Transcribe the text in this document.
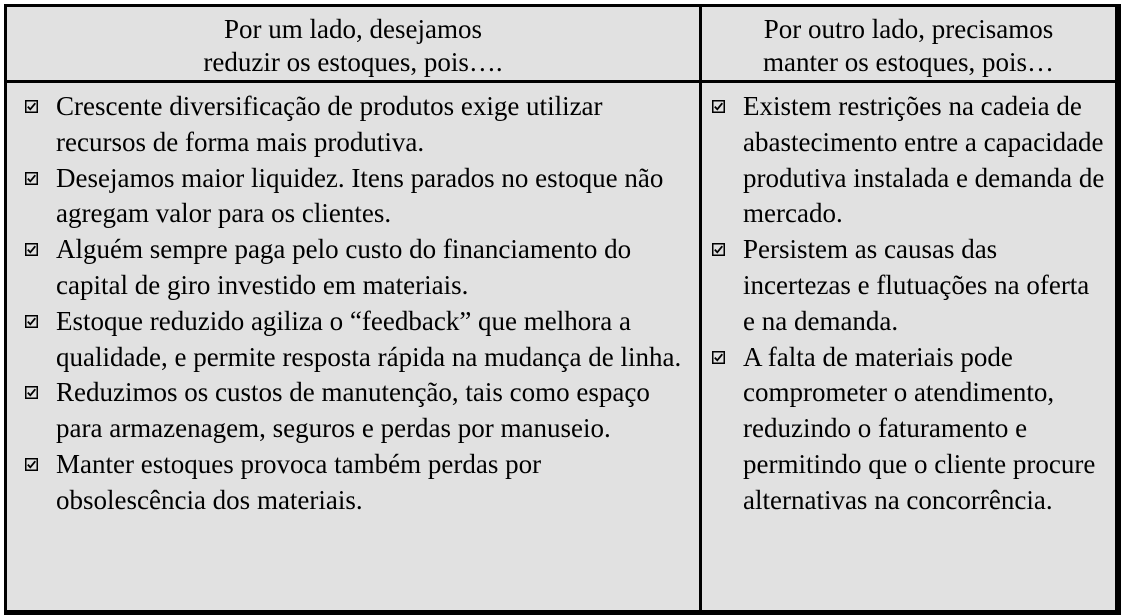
Por um lado, desejamos
reduzir os estoques, pois….
Por outro lado, precisamos
manter os estoques, pois…
Crescente diversificação de produtos exige utilizar recursos de forma mais produtiva.
Desejamos maior liquidez. Itens parados no estoque não agregam valor para os clientes.
Alguém sempre paga pelo custo do financiamento do capital de giro investido em materiais.
Estoque reduzido agiliza o “feedback” que melhora a qualidade, e permite resposta rápida na mudança de linha.
Reduzimos os custos de manutenção, tais como espaço para armazenagem, seguros e perdas por manuseio.
Manter estoques provoca também perdas por obsolescência dos materiais.
Existem restrições na cadeia de abastecimento entre a capacidade produtiva instalada e demanda de mercado.
Persistem as causas das incertezas e flutuações na oferta e na demanda.
A falta de materiais pode comprometer o atendimento, reduzindo o faturamento e permitindo que o cliente procure alternativas na concorrência.
